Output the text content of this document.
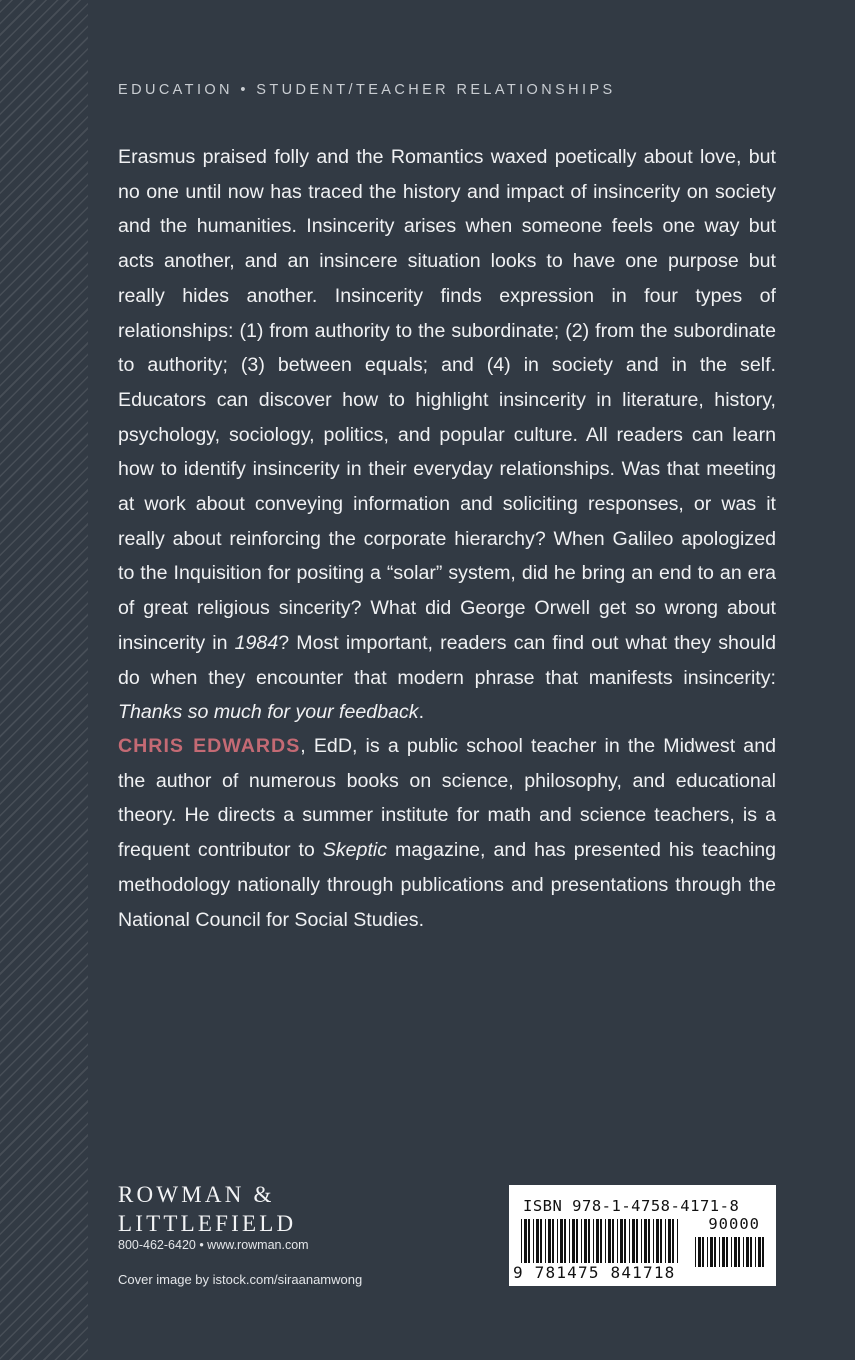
EDUCATION • STUDENT/TEACHER RELATIONSHIPS
Erasmus praised folly and the Romantics waxed poetically about love, but no one until now has traced the history and impact of insincerity on society and the humanities. Insincerity arises when someone feels one way but acts another, and an insincere situation looks to have one purpose but really hides another. Insincerity finds expression in four types of relationships: (1) from authority to the subordinate; (2) from the subordinate to authority; (3) between equals; and (4) in society and in the self. Educators can discover how to highlight insincerity in literature, history, psychology, sociology, politics, and popular culture. All readers can learn how to identify insincerity in their everyday relationships. Was that meeting at work about conveying information and soliciting responses, or was it really about reinforcing the corporate hierarchy? When Galileo apologized to the Inquisition for positing a “solar” system, did he bring an end to an era of great religious sincerity? What did George Orwell get so wrong about insincerity in 1984? Most important, readers can find out what they should do when they encounter that modern phrase that manifests insincerity: Thanks so much for your feedback.
CHRIS EDWARDS, EdD, is a public school teacher in the Midwest and the author of numerous books on science, philosophy, and educational theory. He directs a summer institute for math and science teachers, is a frequent contributor to Skeptic magazine, and has presented his teaching methodology nationally through publications and presentations through the National Council for Social Studies.
ROWMAN &
LITTLEFIELD
800-462-6420 • www.rowman.com
Cover image by istock.com/siraanamwong
ISBN 978-1-4758-4171-8
90000
9 781475 841718
